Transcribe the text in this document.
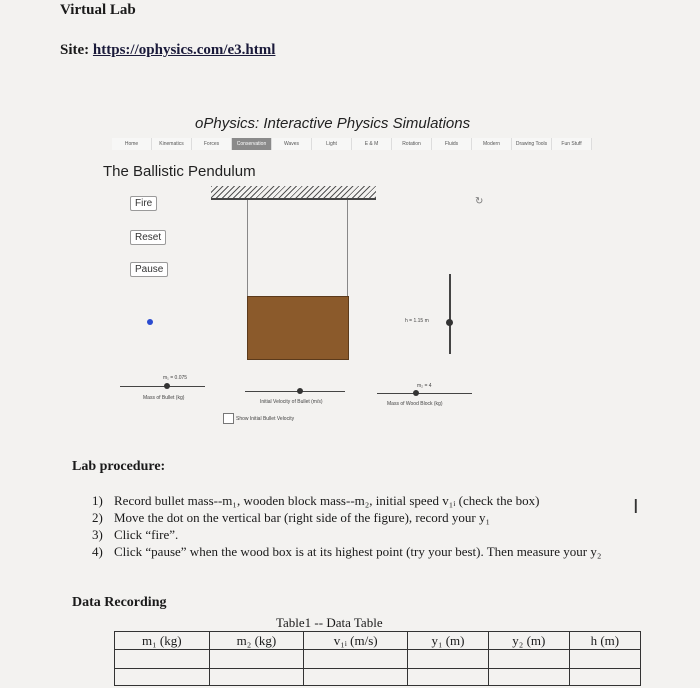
Virtual Lab
Site: https://ophysics.com/e3.html
oPhysics: Interactive Physics Simulations
Home	Kinematics	Forces	Conservation	Waves	Light	E & M	Rotation	Fluids	Modern	Drawing Tools	Fun Stuff
The Ballistic Pendulum
Fire
Reset
Pause
↻
h = 1.15 m
m₁ = 0.075
Mass of Bullet (kg)
Initial Velocity of Bullet (m/s)
Show Initial Bullet Velocity
m₂ = 4
Mass of Wood Block (kg)
Lab procedure:
1) Record bullet mass--m₁, wooden block mass--m₂, initial speed v₁ᵢ (check the box)
2) Move the dot on the vertical bar (right side of the figure), record your y₁
3) Click “fire”.
4) Click “pause” when the wood box is at its highest point (try your best). Then measure your y₂
I
Data Recording
Table1 -- Data Table
m₁ (kg)	m₂ (kg)	v₁ᵢ (m/s)	y₁ (m)	y₂ (m)	h (m)
